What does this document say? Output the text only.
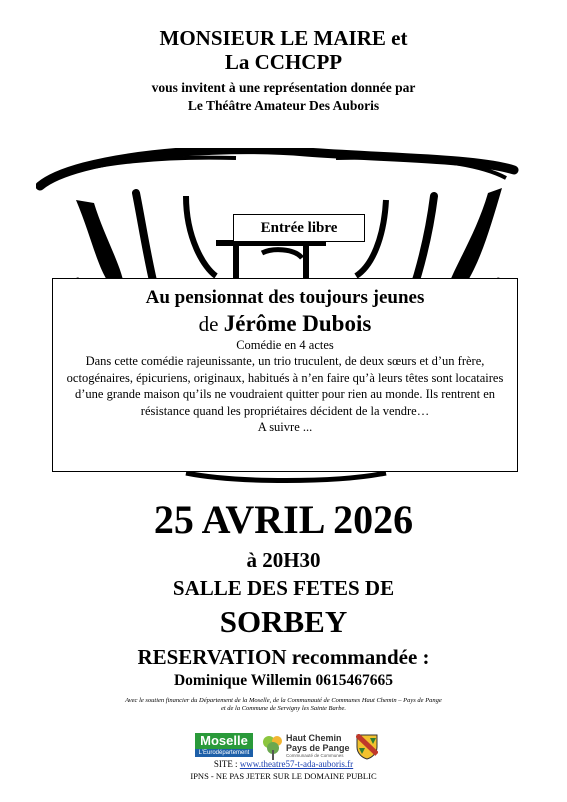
MONSIEUR LE MAIRE et
La CCHCPP
vous invitent à une représentation donnée par
Le Théâtre Amateur Des Auboris
Entrée libre
Au pensionnat des toujours jeunes
de Jérôme Dubois
Comédie en 4 actes
Dans cette comédie rajeunissante, un trio truculent, de deux sœurs et d’un frère, octogénaires, épicuriens, originaux, habitués à n’en faire qu’à leurs têtes sont locataires d’une grande maison qu’ils ne voudraient quitter pour rien au monde. Ils rentrent en résistance quand les propriétaires décident de la vendre…
A suivre ...
25 AVRIL 2026
à 20H30
SALLE DES FETES DE
SORBEY
RESERVATION recommandée :
Dominique Willemin 0615467665
Avec le soutien financier du Département de la Moselle, de la Communauté de Communes Haut Chemin – Pays de Pange
et de la Commune de Servigny les Sainte Barbe.
Moselle
L’Eurodépartement
Haut Chemin
Pays de Pange
Communauté de Communes
SITE : www.theatre57-t-ada-auboris.fr
IPNS - NE PAS JETER SUR LE DOMAINE PUBLIC
